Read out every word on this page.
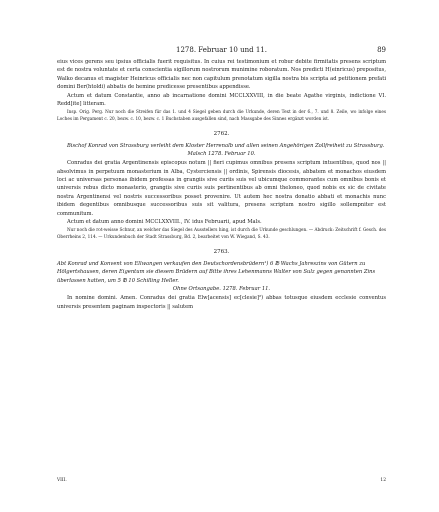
1278. Februar 10 und 11.	89

eius vices gerens seu ipsius officialis fuerit requisitus. In cuius rei testimonium et robur debite firmitatis presens scriptum est de nostra voluntate et certa conscientia sigillorum nostrorum munimine roboratum. Nos predicti H(einricus) prepositus, Walko decanus et magister Heinricus officialis nec non capitulum prenotatum sigilla nostra bis scripta ad petitionem prefati domini Ber(htoldi) abbatis de hemine predicesse presentibus appendisse.

Actum et datum Constantie, anno ab incarnatione domini MCCLXXVIII, in die beate Agathe virginis, indictione VI. Redd[ite] litteram.

Insp. Orig. Perg. Nur noch die Streifen für das 1. und 4 Siegel geben durch die Urkunde, deren Text in der 6., 7. und 8. Zeile, wo infolge eines Loches im Pergament c. 20, bezw. c. 10, bezw. c. 1 Buchstaben ausgefallen sind, nach Massgabe des Sinnes ergänzt worden ist.

2762.

Bischof Konrad von Strassburg verleiht dem Kloster Herrenalb und allen seinen Angehörigen Zollfreiheit zu Strassburg.

Malsch 1278. Februar 10.

Conradus dei gratia Argentinensis episcopus notum || fieri cupimus omnibus presens scriptum intuentibus, quod nos || absolvimus in perpetuum monasterium in Alba, Cysterciensis || ordinis, Spirensis diocesis, abbatem et monachos eiusdem loci ac universas personas ibidem professas in grangiis sive curiis suis vel ubicumque commorantes cum omnibus bonis et universis rebus dicto monasterio, grangiis sive curiis suis pertinentibus ab omni theloneo, quod nobis ex sic de civitate nostra Argentinensi vel nostris successoribus posset provenire. Ut autem hec nostra donatio abbati et monachis nunc ibidem degentibus omnibusque successoribus suis sit valitura, presens scriptum nostro sigillo sollempniter est communitum.

Actum et datum anno domini MCCLXXVIII., IV. idus Februarii, apud Mals.

Nur noch die rot-weisse Schnur, an welcher das Siegel des Ausstellers hing, ist durch die Urkunde geschlungen. — Abdruck: Zeitschrift f. Gesch. des Oberrheins 2, 114. — Urkundenbuch der Stadt Strassburg, Bd. 2, bearbeitet von W. Wiegand, S. 43.

2763.

Abt Konrad und Konvent von Ellwangen verkaufen den Deutschordensbrüdern¹) 6 ℔ Wachs Jahreszins von Gütern zu Hölgertshausen, deren Eigentum sie diesem Brüdern auf Bitte ihres Lehenmanns Walter von Sulz gegen genannten Zins überlassen hatten, um 5 ℔ 10 Schilling Heller.

Ohne Ortsangabe. 1278. Februar 11.

In nomine domini. Amen. Conradus dei gratia Elw[acensis] ec[clesie]²) abbas totusque eiusdem ecclesie conventus universis presentem paginam inspectoris || salutem

VIII.	12
